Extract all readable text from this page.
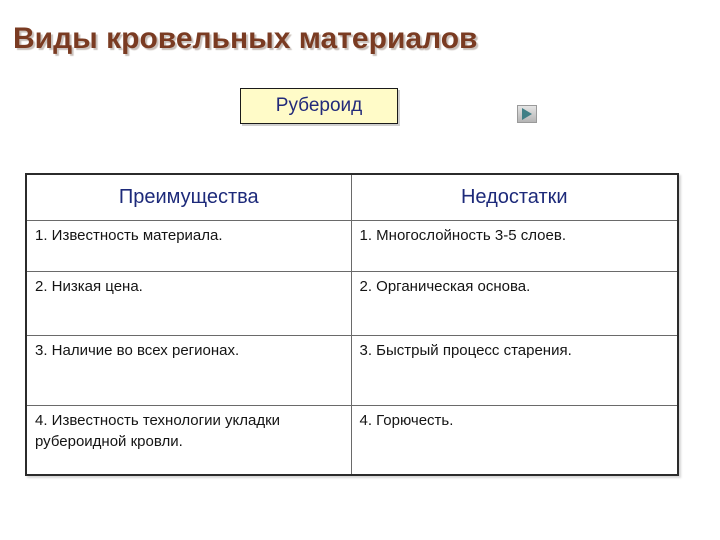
Виды кровельных материалов
Рубероид
Преимущества	Недостатки
1. Известность материала.	1. Многослойность 3-5 слоев.
2. Низкая цена.	2. Органическая основа.
3. Наличие во всех регионах.	3. Быстрый процесс старения.
4. Известность технологии укладки рубероидной кровли.	4. Горючесть.
